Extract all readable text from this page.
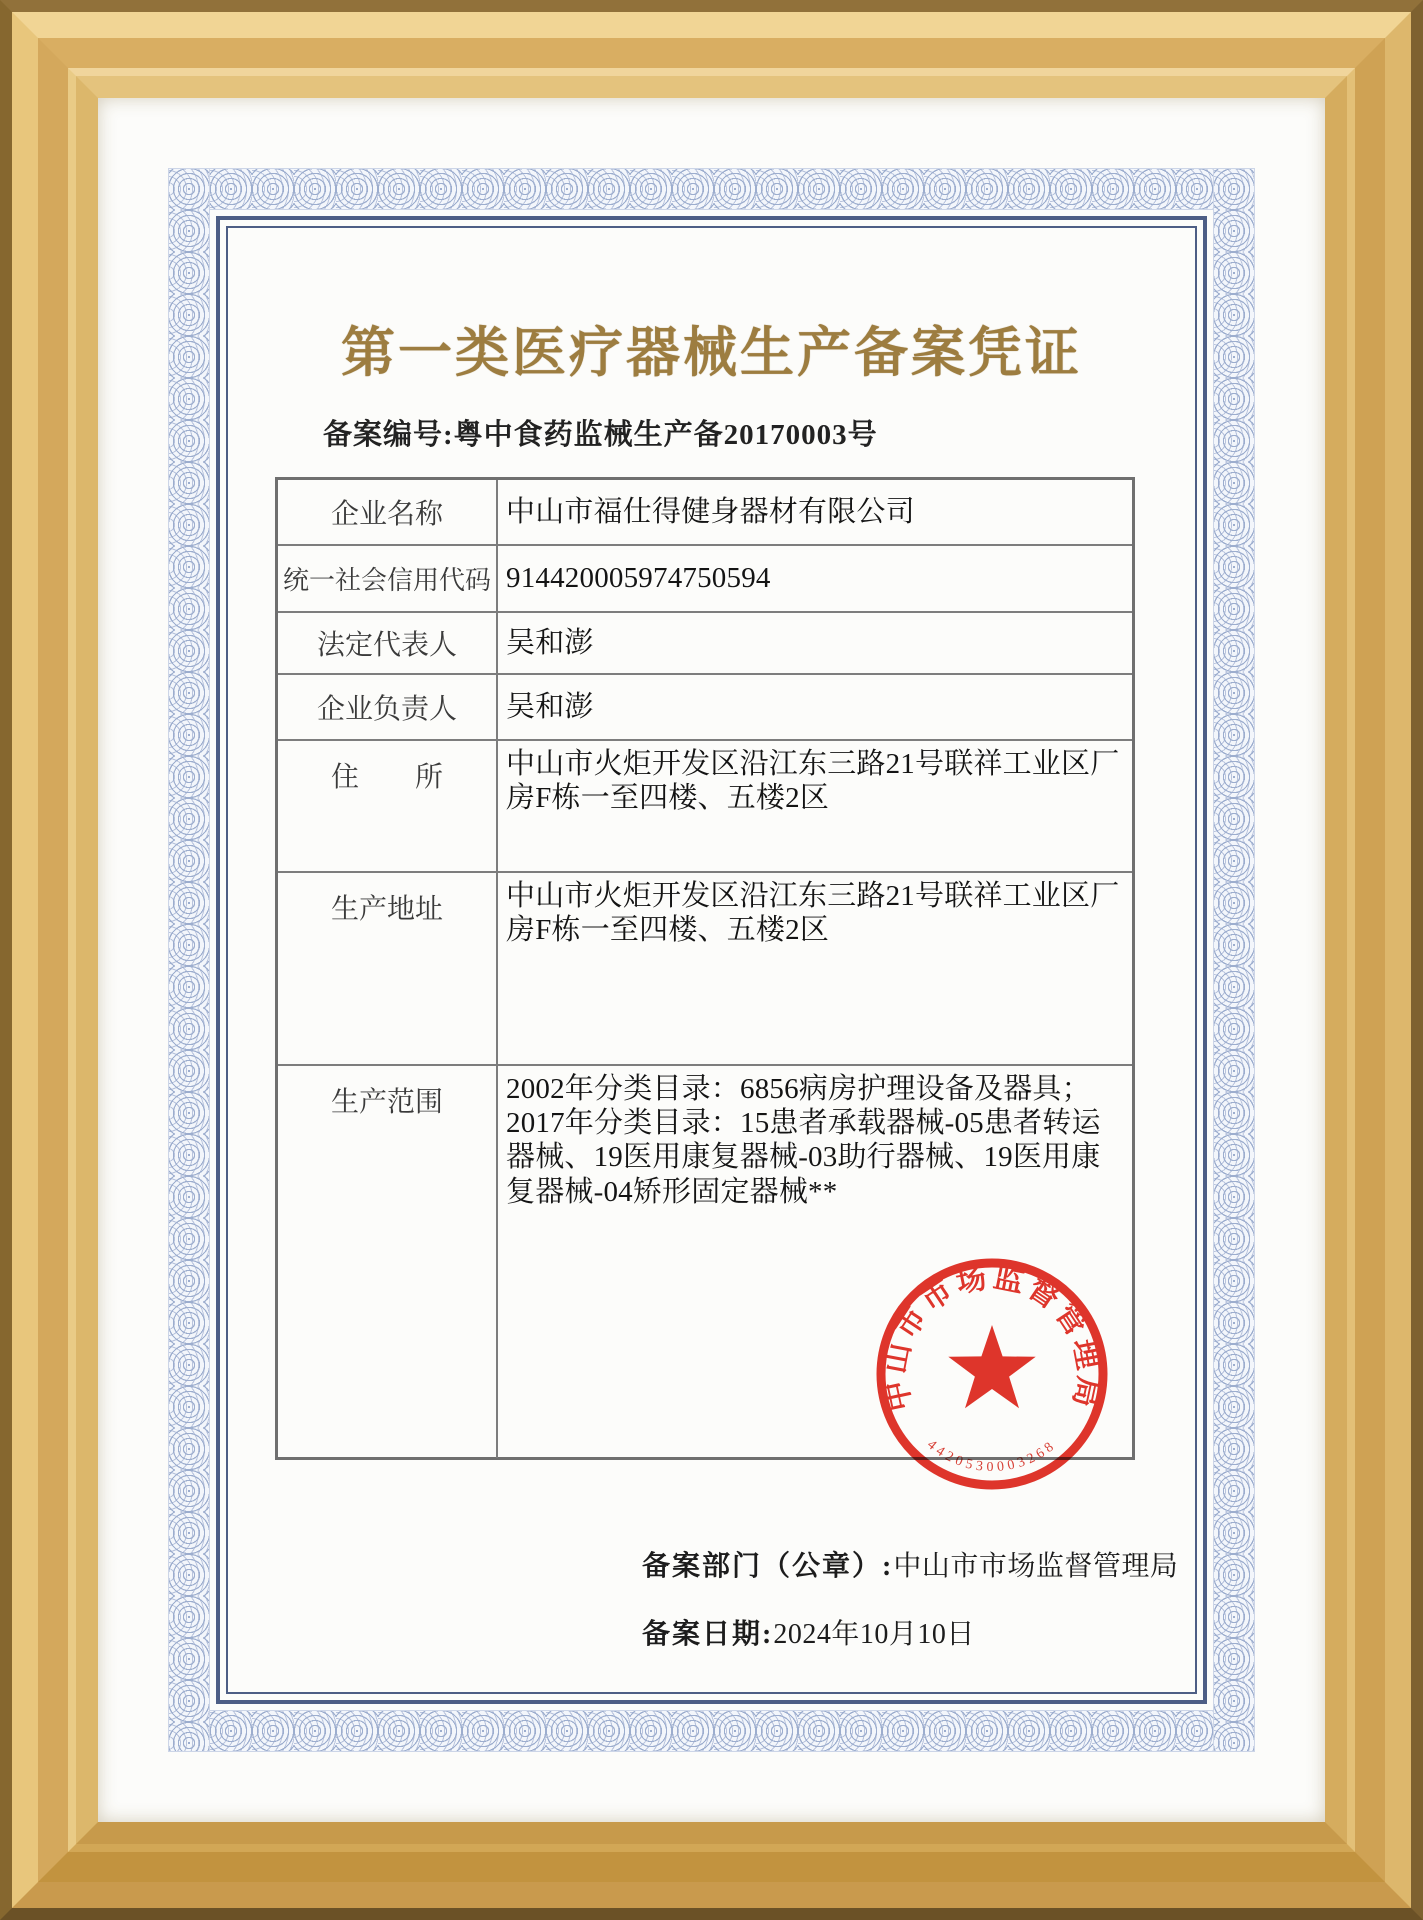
第一类医疗器械生产备案凭证
备案编号:粤中食药监械生产备20170003号
企业名称	中山市福仕得健身器材有限公司
统一社会信用代码 914420005974750594
法定代表人	吴和澎
企业负责人	吴和澎
住　　所	中山市火炬开发区沿江东三路21号联祥工业区厂房F栋一至四楼、五楼2区
生产地址	中山市火炬开发区沿江东三路21号联祥工业区厂房F栋一至四楼、五楼2区
生产范围	2002年分类目录：6856病房护理设备及器具；2017年分类目录：15患者承载器械-05患者转运器械、19医用康复器械-03助行器械、19医用康复器械-04矫形固定器械**
中山市市场监督管理局
4420530003268
备案部门（公章）:中山市市场监督管理局
备案日期:2024年10月10日
